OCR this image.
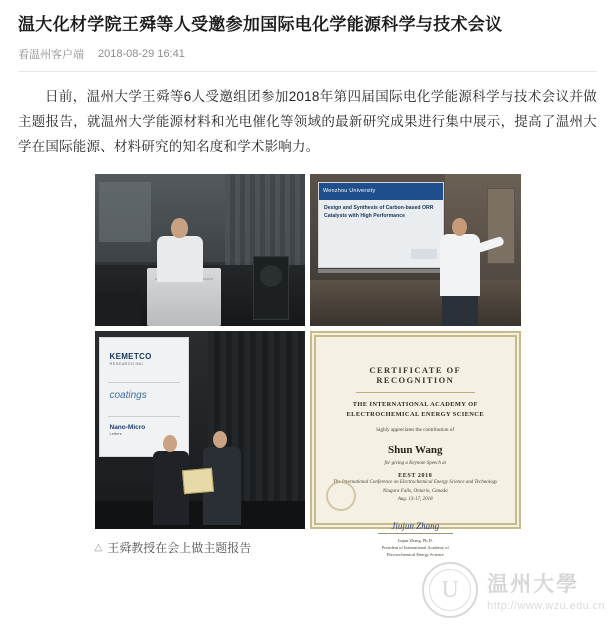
温大化材学院王舜等人受邀参加国际电化学能源科学与技术会议
看温州客户端 2018-08-29 16:41

日前，温州大学王舜等6人受邀组团参加2018年第四届国际电化学能源科学与技术会议并做主题报告，就温州大学能源材料和光电催化等领域的最新研究成果进行集中展示，提高了温州大学在国际能源、材料研究的知名度和学术影响力。

Wenzhou University
Design and Synthesis of Carbon-based ORR Catalysts with High Performance
KEMETCO
RESEARCH INC.
coatings
Nano-Micro
Letters
CERTIFICATE OF RECOGNITION
THE INTERNATIONAL ACADEMY OF
ELECTROCHEMICAL ENERGY SCIENCE
highly appreciates the contribution of
Shun Wang
for giving a Keynote Speech at
EEST 2018
The International Conference on Electrochemical Energy Science and Technology
Niagara Falls, Ontario, Canada
Aug. 13-17, 2018
Jiujun Zhang
Jiujun Zhang, Ph.D.
President of International Academy of
Electrochemical Energy Science
△ 王舜教授在会上做主题报告
U
温州大學
http://www.wzu.edu.cn
